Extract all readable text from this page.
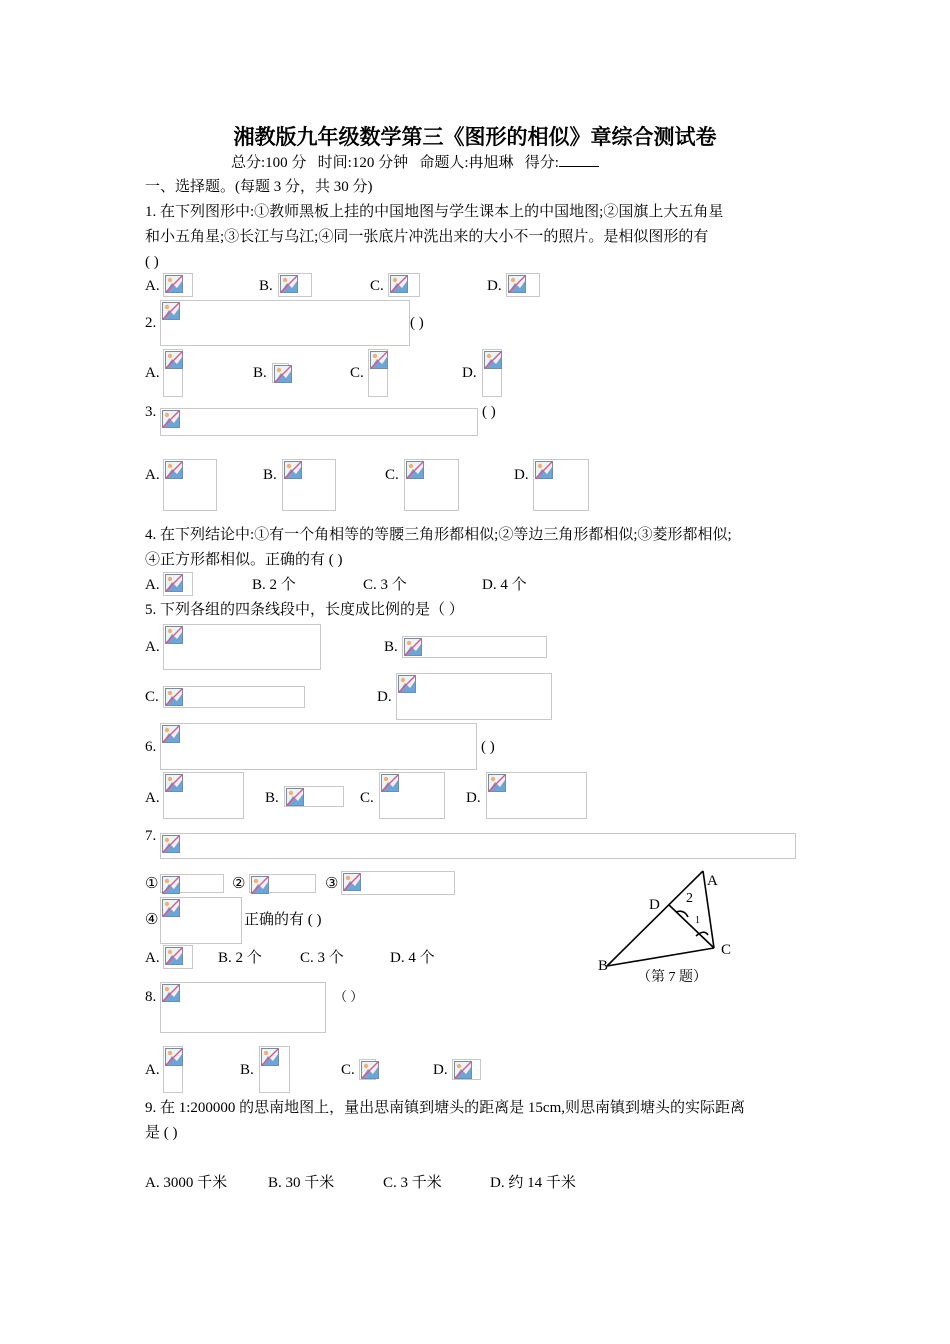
湘教版九年级数学第三《图形的相似》章综合测试卷
总分:100 分 时间:120 分钟 命题人:冉旭琳 得分:
一、选择题。(每题 3 分，共 30 分)
1. 在下列图形中:①教师黑板上挂的中国地图与学生课本上的中国地图;②国旗上大五角星
和小五角星;③长江与乌江;④同一张底片冲洗出来的大小不一的照片。是相似图形的有
( )
A.	B.	C.	D.
2.	( )
A.	B.	C.	D.
3.	( )
A.	B.	C.	D.
4. 在下列结论中:①有一个角相等的等腰三角形都相似;②等边三角形都相似;③菱形都相似;
④正方形都相似。正确的有 ( )
A.	B. 2 个	C. 3 个	D. 4 个
5. 下列各组的四条线段中，长度成比例的是（ ）
A.	B.
C.	D.
6.	( )
A.	B.	C.	D.
7.
①	②	③
④	正确的有 ( )
A.	B. 2 个	C. 3 个	D. 4 个
A
D
B
C
2
1
（第 7 题）
8.	（ ）
A.	B.	C.	D.
9. 在 1:200000 的思南地图上，量出思南镇到塘头的距离是 15cm,则思南镇到塘头的实际距离
是 ( )
A. 3000 千米	B. 30 千米	C. 3 千米	D. 约 14 千米
